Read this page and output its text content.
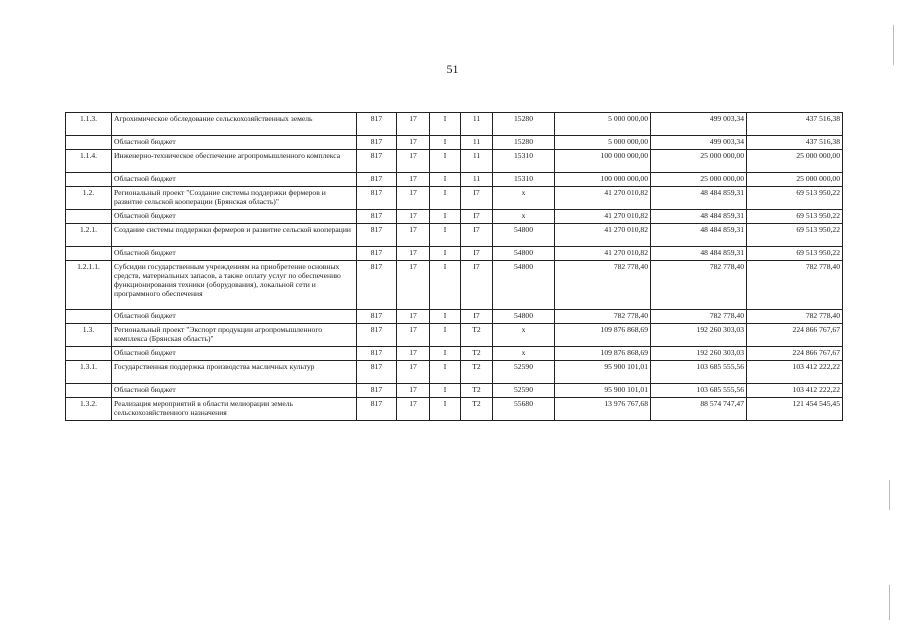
51
1.1.3.	Агрохимическое обследование сельскохозяйственных земель	817	17	I	11	15280	5 000 000,00	499 003,34	437 516,38
	Областной бюджет	817	17	I	11	15280	5 000 000,00	499 003,34	437 516,38
1.1.4.	Инженерно-техническое обеспечение агропромышленного комплекса	817	17	I	11	15310	100 000 000,00	25 000 000,00	25 000 000,00
	Областной бюджет	817	17	I	11	15310	100 000 000,00	25 000 000,00	25 000 000,00
1.2.	Региональный проект "Создание системы поддержки фермеров и развитие сельской кооперации (Брянская область)"	817	17	I	I7	x	41 270 010,82	48 484 859,31	69 513 950,22
	Областной бюджет	817	17	I	I7	x	41 270 010,82	48 484 859,31	69 513 950,22
1.2.1.	Создание системы поддержки фермеров и развитие сельской кооперации	817	17	I	I7	54800	41 270 010,82	48 484 859,31	69 513 950,22
	Областной бюджет	817	17	I	I7	54800	41 270 010,82	48 484 859,31	69 513 950,22
1.2.1.1.	Субсидии государственным учреждениям на приобретение основных средств, материальных запасов, а также оплату услуг по обеспечению функционирования техники (оборудования), локальной сети и программного обеспечения	817	17	I	I7	54800	782 778,40	782 778,40	782 778,40
	Областной бюджет	817	17	I	I7	54800	782 778,40	782 778,40	782 778,40
1.3.	Региональный проект "Экспорт продукции агропромышленного комплекса (Брянская область)"	817	17	I	T2	x	109 876 868,69	192 260 303,03	224 866 767,67
	Областной бюджет	817	17	I	T2	x	109 876 868,69	192 260 303,03	224 866 767,67
1.3.1.	Государственная поддержка производства масличных культур	817	17	I	T2	52590	95 900 101,01	103 685 555,56	103 412 222,22
	Областной бюджет	817	17	I	T2	52590	95 900 101,01	103 685 555,56	103 412 222,22
1.3.2.	Реализация мероприятий в области мелиорации земель сельскохозяйственного назначения	817	17	I	T2	55680	13 976 767,68	88 574 747,47	121 454 545,45
